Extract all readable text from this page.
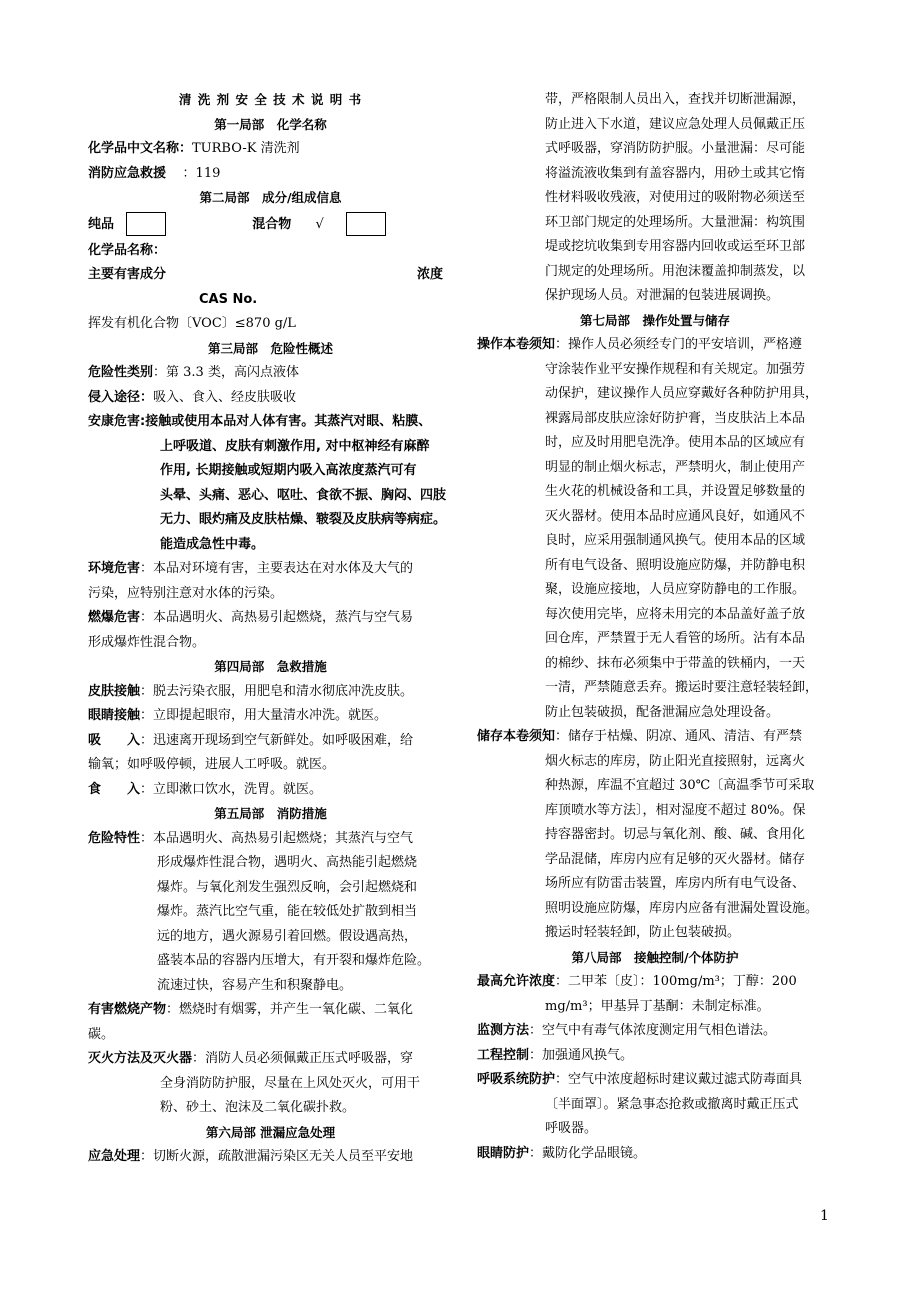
清 洗 剂 安 全 技 术 说 明 书
第一局部　化学名称
化学品中文名称：TURBO-K 清洗剂
消防应急救援 ：119
第二局部　成分/组成信息
纯品	混合物 √
化学品名称：
主要有害成分	浓度
CAS No.
挥发有机化合物〔VOC〕≤870 g/L
第三局部　危险性概述
危险性类别：第 3.3 类，高闪点液体
侵入途径：吸入、食入、经皮肤吸收
安康危害:接触或使用本品对人体有害。其蒸汽对眼、粘膜、
上呼吸道、皮肤有刺激作用, 对中枢神经有麻醉
作用, 长期接触或短期内吸入高浓度蒸汽可有
头晕、头痛、恶心、呕吐、食欲不振、胸闷、四肢
无力、眼灼痛及皮肤枯燥、皲裂及皮肤病等病症。
能造成急性中毒。
环境危害：本品对环境有害，主要表达在对水体及大气的
污染，应特别注意对水体的污染。
燃爆危害：本品遇明火、高热易引起燃烧，蒸汽与空气易
形成爆炸性混合物。
第四局部　急救措施
皮肤接触：脱去污染衣服，用肥皂和清水彻底冲洗皮肤。
眼睛接触：立即提起眼帘，用大量清水冲洗。就医。
吸　　入：迅速离开现场到空气新鲜处。如呼吸困难，给
输氧；如呼吸停顿，进展人工呼吸。就医。
食　　入：立即漱口饮水，洗胃。就医。
第五局部　消防措施
危险特性：本品遇明火、高热易引起燃烧；其蒸汽与空气
形成爆炸性混合物，遇明火、高热能引起燃烧
爆炸。与氧化剂发生强烈反响，会引起燃烧和
爆炸。蒸汽比空气重，能在较低处扩散到相当
远的地方，遇火源易引着回燃。假设遇高热，
盛装本品的容器内压增大，有开裂和爆炸危险。
流速过快，容易产生和积聚静电。
有害燃烧产物：燃烧时有烟雾，并产生一氧化碳、二氧化
碳。
灭火方法及灭火器：消防人员必须佩戴正压式呼吸器，穿
全身消防防护服，尽量在上风处灭火，可用干
粉、砂土、泡沫及二氧化碳扑救。
第六局部 泄漏应急处理
应急处理：切断火源，疏散泄漏污染区无关人员至平安地
带，严格限制人员出入，查找并切断泄漏源，
防止进入下水道，建议应急处理人员佩戴正压
式呼吸器，穿消防防护服。小量泄漏：尽可能
将溢流液收集到有盖容器内，用砂土或其它惰
性材料吸收残液，对使用过的吸附物必须送至
环卫部门规定的处理场所。大量泄漏：构筑围
堤或挖坑收集到专用容器内回收或运至环卫部
门规定的处理场所。用泡沫覆盖抑制蒸发，以
保护现场人员。对泄漏的包装进展调换。
第七局部　操作处置与储存
操作本卷须知：操作人员必须经专门的平安培训，严格遵
守涂装作业平安操作规程和有关规定。加强劳
动保护，建议操作人员应穿戴好各种防护用具，
裸露局部皮肤应涂好防护膏，当皮肤沾上本品
时，应及时用肥皂洗净。使用本品的区域应有
明显的制止烟火标志，严禁明火，制止使用产
生火花的机械设备和工具，并设置足够数量的
灭火器材。使用本品时应通风良好，如通风不
良时，应采用强制通风换气。使用本品的区域
所有电气设备、照明设施应防爆，并防静电积
聚，设施应接地，人员应穿防静电的工作服。
每次使用完毕，应将未用完的本品盖好盖子放
回仓库，严禁置于无人看管的场所。沾有本品
的棉纱、抹布必须集中于带盖的铁桶内，一天
一清，严禁随意丢弃。搬运时要注意轻装轻卸，
防止包装破损，配备泄漏应急处理设备。
储存本卷须知：储存于枯燥、阴凉、通风、清洁、有严禁
烟火标志的库房，防止阳光直接照射，远离火
种热源，库温不宜超过 30℃〔高温季节可采取
库顶喷水等方法〕，相对湿度不超过 80%。保
持容器密封。切忌与氧化剂、酸、碱、食用化
学品混储，库房内应有足够的灭火器材。储存
场所应有防雷击装置，库房内所有电气设备、
照明设施应防爆，库房内应备有泄漏处置设施。
搬运时轻装轻卸，防止包装破损。
第八局部　接触控制/个体防护
最高允许浓度：二甲苯〔皮〕：100mg/m³；丁醇：200
mg/m³；甲基异丁基酮：未制定标准。
监测方法：空气中有毒气体浓度测定用气相色谱法。
工程控制：加强通风换气。
呼吸系统防护：空气中浓度超标时建议戴过滤式防毒面具
〔半面罩〕。紧急事态抢救或撤离时戴正压式
呼吸器。
眼睛防护：戴防化学品眼镜。
1
